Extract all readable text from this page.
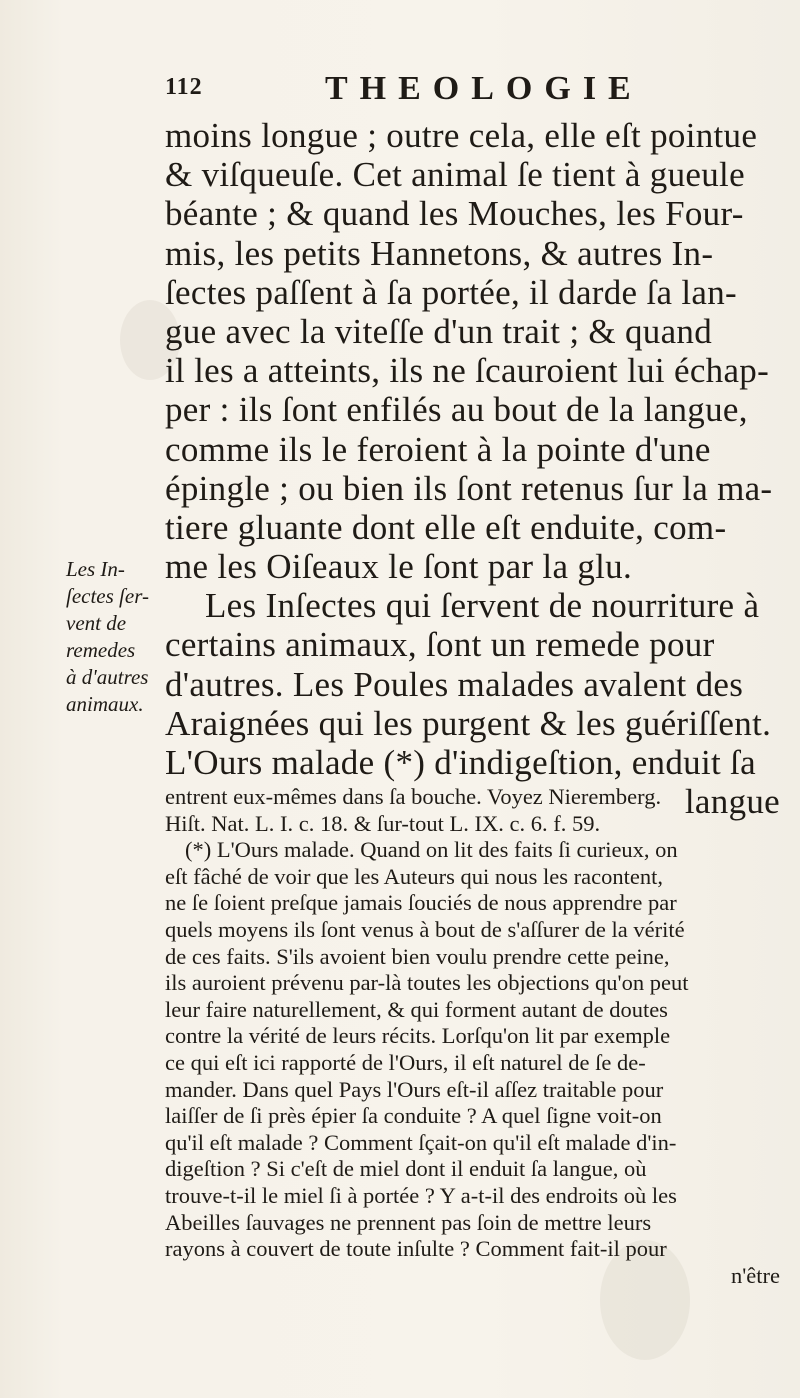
112	THEOLOGIE
moins longue ; outre cela, elle eſt pointue
& viſqueuſe. Cet animal ſe tient à gueule
béante ; & quand les Mouches, les Four-
mis, les petits Hannetons, & autres In-
ſectes paſſent à ſa portée, il darde ſa lan-
gue avec la viteſſe d'un trait ; & quand
il les a atteints, ils ne ſcauroient lui échap-
per : ils ſont enfilés au bout de la langue,
comme ils le feroient à la pointe d'une
épingle ; ou bien ils ſont retenus ſur la ma-
tiere gluante dont elle eſt enduite, com-
me les Oiſeaux le ſont par la glu.
Les Inſectes qui ſervent de nourriture à
certains animaux, ſont un remede pour
d'autres. Les Poules malades avalent des
Araignées qui les purgent & les guériſſent.
L'Ours malade (*) d'indigeſtion, enduit ſa
langue
Les In-
ſectes ſer-
vent de
remedes
à d'autres
animaux.
entrent eux-mêmes dans ſa bouche. Voyez Nieremberg.
Hiſt. Nat. L. I. c. 18. & ſur-tout L. IX. c. 6. f. 59.
(*) L'Ours malade. Quand on lit des faits ſi curieux, on
eſt fâché de voir que les Auteurs qui nous les racontent,
ne ſe ſoient preſque jamais ſouciés de nous apprendre par
quels moyens ils ſont venus à bout de s'aſſurer de la vérité
de ces faits. S'ils avoient bien voulu prendre cette peine,
ils auroient prévenu par-là toutes les objections qu'on peut
leur faire naturellement, & qui forment autant de doutes
contre la vérité de leurs récits. Lorſqu'on lit par exemple
ce qui eſt ici rapporté de l'Ours, il eſt naturel de ſe de-
mander. Dans quel Pays l'Ours eſt-il aſſez traitable pour
laiſſer de ſi près épier ſa conduite ? A quel ſigne voit-on
qu'il eſt malade ? Comment ſçait-on qu'il eſt malade d'in-
digeſtion ? Si c'eſt de miel dont il enduit ſa langue, où
trouve-t-il le miel ſi à portée ? Y a-t-il des endroits où les
Abeilles ſauvages ne prennent pas ſoin de mettre leurs
rayons à couvert de toute inſulte ? Comment fait-il pour
n'être
